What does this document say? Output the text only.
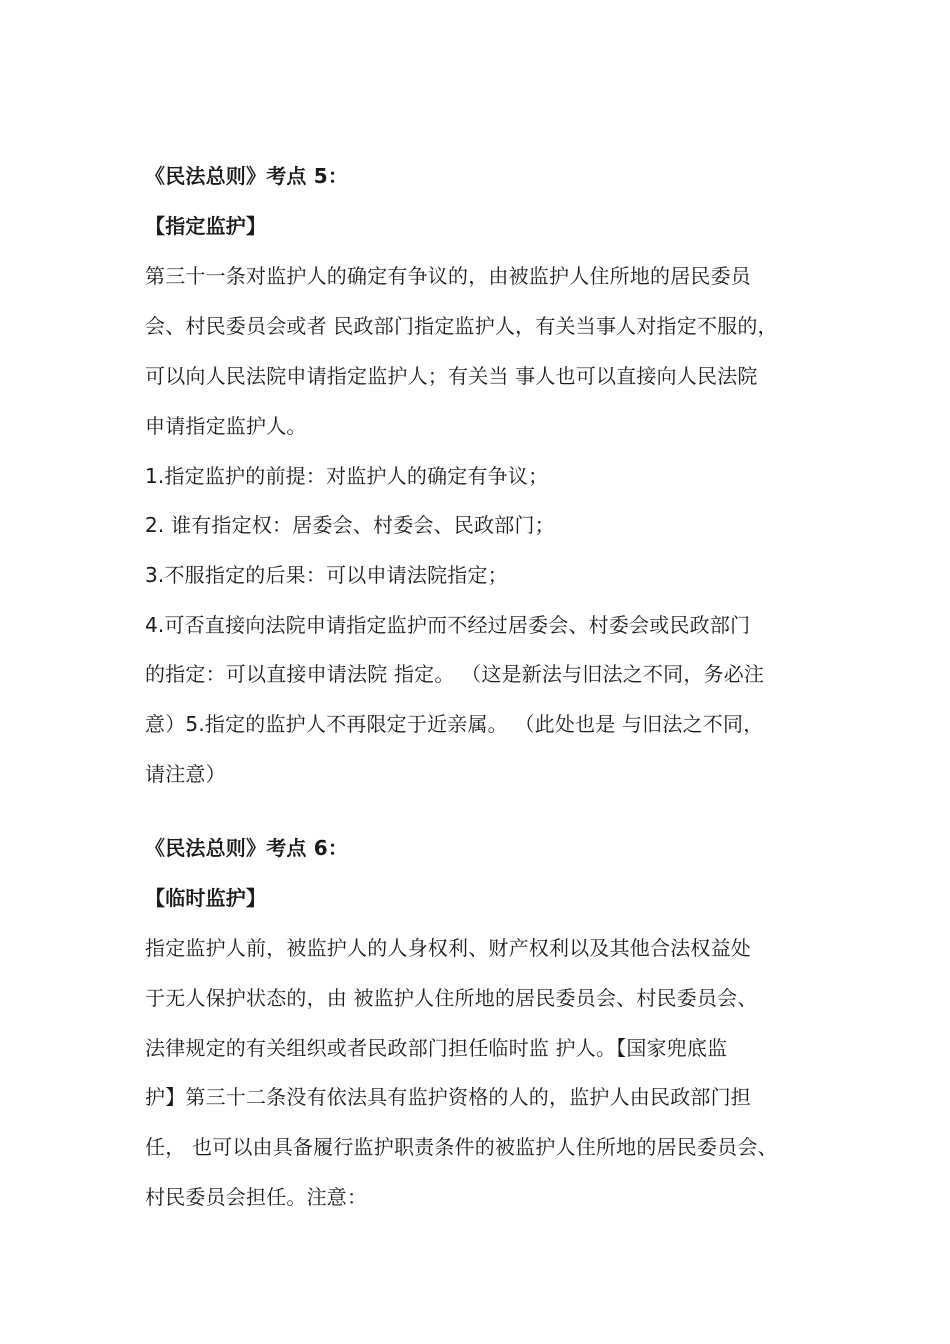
《民法总则》考点 5：
【指定监护】
第三十一条对监护人的确定有争议的，由被监护人住所地的居民委员
会、村民委员会或者 民政部门指定监护人，有关当事人对指定不服的，
可以向人民法院申请指定监护人；有关当 事人也可以直接向人民法院
申请指定监护人。
1.指定监护的前提：对监护人的确定有争议；
2. 谁有指定权：居委会、村委会、民政部门；
3.不服指定的后果：可以申请法院指定；
4.可否直接向法院申请指定监护而不经过居委会、村委会或民政部门
的指定：可以直接申请法院 指定。 （这是新法与旧法之不同，务必注
意）5.指定的监护人不再限定于近亲属。 （此处也是 与旧法之不同，
请注意）
《民法总则》考点 6：
【临时监护】
指定监护人前，被监护人的人身权利、财产权利以及其他合法权益处
于无人保护状态的，由 被监护人住所地的居民委员会、村民委员会、
法律规定的有关组织或者民政部门担任临时监 护人。【国家兜底监
护】第三十二条没有依法具有监护资格的人的，监护人由民政部门担
任， 也可以由具备履行监护职责条件的被监护人住所地的居民委员会、
村民委员会担任。注意：
